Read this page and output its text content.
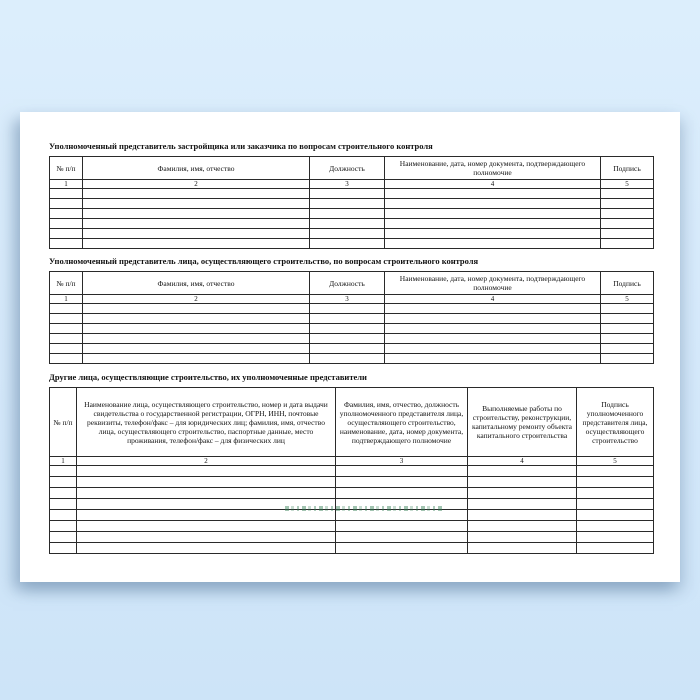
Уполномоченный представитель застройщика или заказчика по вопросам строительного контроля
№ п/п	Фамилия, имя, отчество	Должность	Наименование, дата, номер документа, подтверждающего полномочие	Подпись
1	2	3	4	5

Уполномоченный представитель лица, осуществляющего строительство, по вопросам строительного контроля
№ п/п	Фамилия, имя, отчество	Должность	Наименование, дата, номер документа, подтверждающего полномочие	Подпись
1	2	3	4	5

Другие лица, осуществляющие строительство, их уполномоченные представители
№ п/п	Наименование лица, осуществляющего строительство, номер и дата выдачи свидетельства о государственной регистрации, ОГРН, ИНН, почтовые реквизиты, телефон/факс – для юридических лиц; фамилия, имя, отчество лица, осуществляющего строительство, паспортные данные, место проживания, телефон/факс – для физических лиц	Фамилия, имя, отчество, должность уполномоченного представителя лица, осуществляющего строительство, наименование, дата, номер документа, подтверждающего полномочие	Выполняемые работы по строительству, реконструкции, капитальному ремонту объекта капитального строительства	Подпись уполномоченного представителя лица, осуществляющего строительство
1	2	3	4	5
